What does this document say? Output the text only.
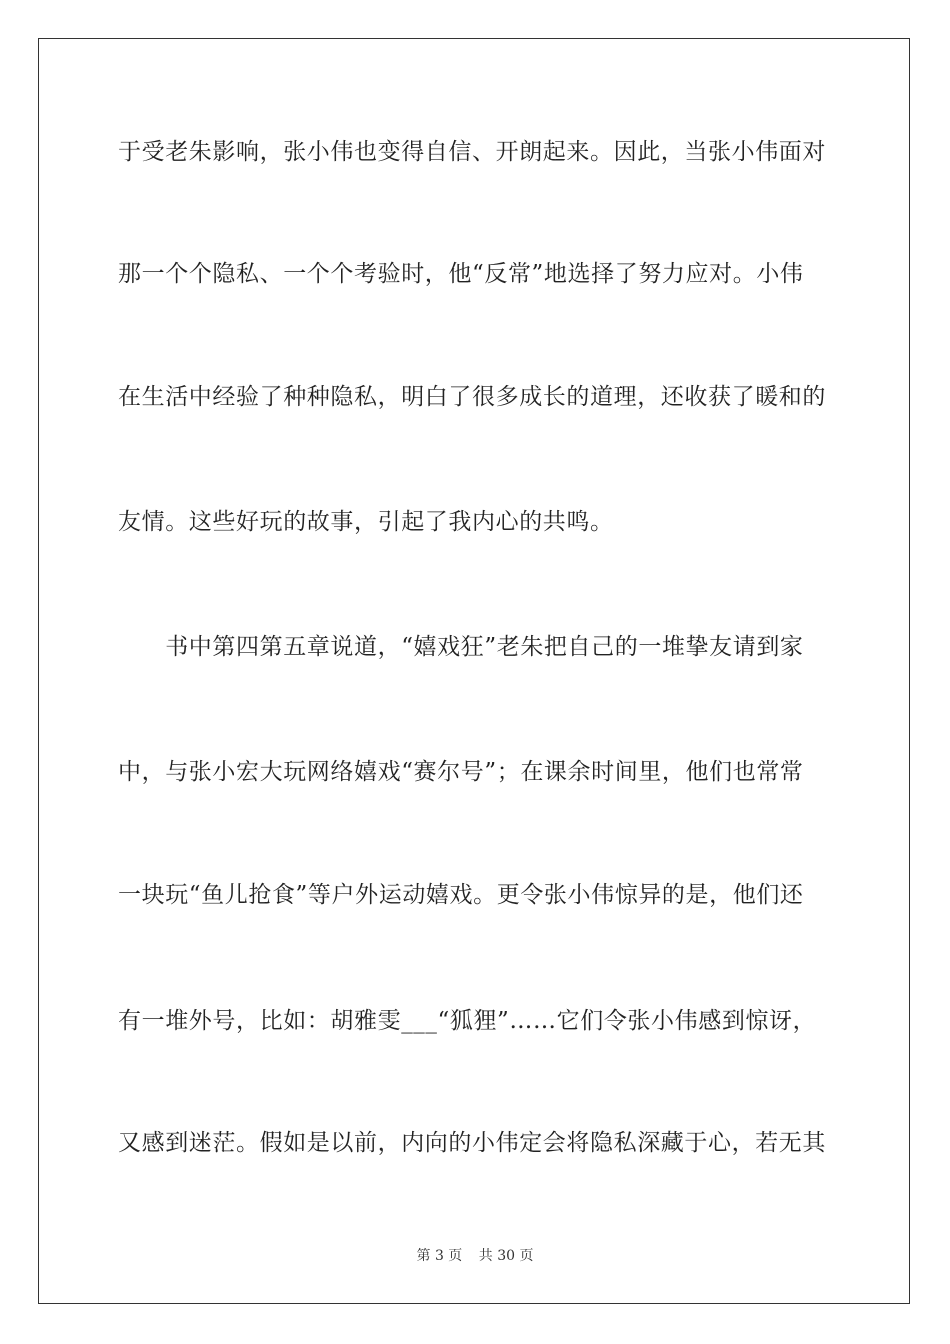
于受老朱影响，张小伟也变得自信、开朗起来。因此，当张小伟面对
那一个个隐私、一个个考验时，他“反常”地选择了努力应对。小伟
在生活中经验了种种隐私，明白了很多成长的道理，还收获了暖和的
友情。这些好玩的故事，引起了我内心的共鸣。
　　书中第四第五章说道，“嬉戏狂”老朱把自己的一堆挚友请到家
中，与张小宏大玩网络嬉戏“赛尔号”；在课余时间里，他们也常常
一块玩“鱼儿抢食”等户外运动嬉戏。更令张小伟惊异的是，他们还
有一堆外号，比如：胡雅雯___“狐狸”……它们令张小伟感到惊讶，
又感到迷茫。假如是以前，内向的小伟定会将隐私深藏于心，若无其
第 3 页 共 30 页
